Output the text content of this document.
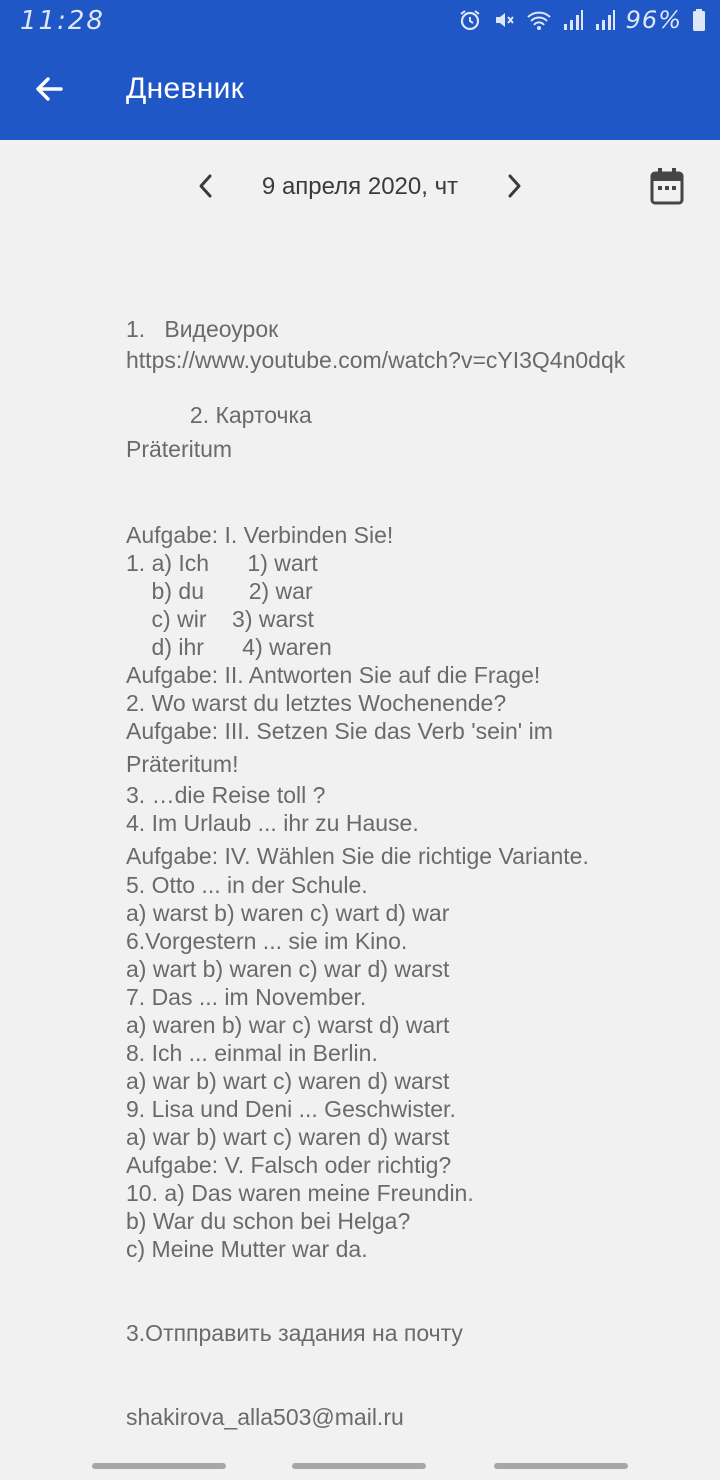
11:28	96%
Дневник
9 апреля 2020, чт
1.   Видеоурок
https://www.youtube.com/watch?v=cYI3Q4n0dqk
2. Карточка
Präteritum
Aufgabe: I. Verbinden Sie!
1. a) Ich      1) wart
b) du       2) war
c) wir    3) warst
d) ihr      4) waren
Aufgabe: II. Antworten Sie auf die Frage!
2. Wo warst du letztes Wochenende?
Aufgabe: III. Setzen Sie das Verb 'sein' im
Präteritum!
3. …die Reise toll ?
4. Im Urlaub ... ihr zu Hause.
Aufgabe: IV. Wählen Sie die richtige Variante.
5. Otto ... in der Schule.
a) warst b) waren c) wart d) war
6.Vorgestern ... sie im Kino.
a) wart b) waren c) war d) warst
7. Das ... im November.
a) waren b) war c) warst d) wart
8. Ich ... einmal in Berlin.
a) war b) wart c) waren d) warst
9. Lisa und Deni ... Geschwister.
a) war b) wart c) waren d) warst
Aufgabe: V. Falsch oder richtig?
10. a) Das waren meine Freundin.
b) War du schon bei Helga?
c) Meine Mutter war da.
3.Отпправить задания на почту
shakirova_alla503@mail.ru
